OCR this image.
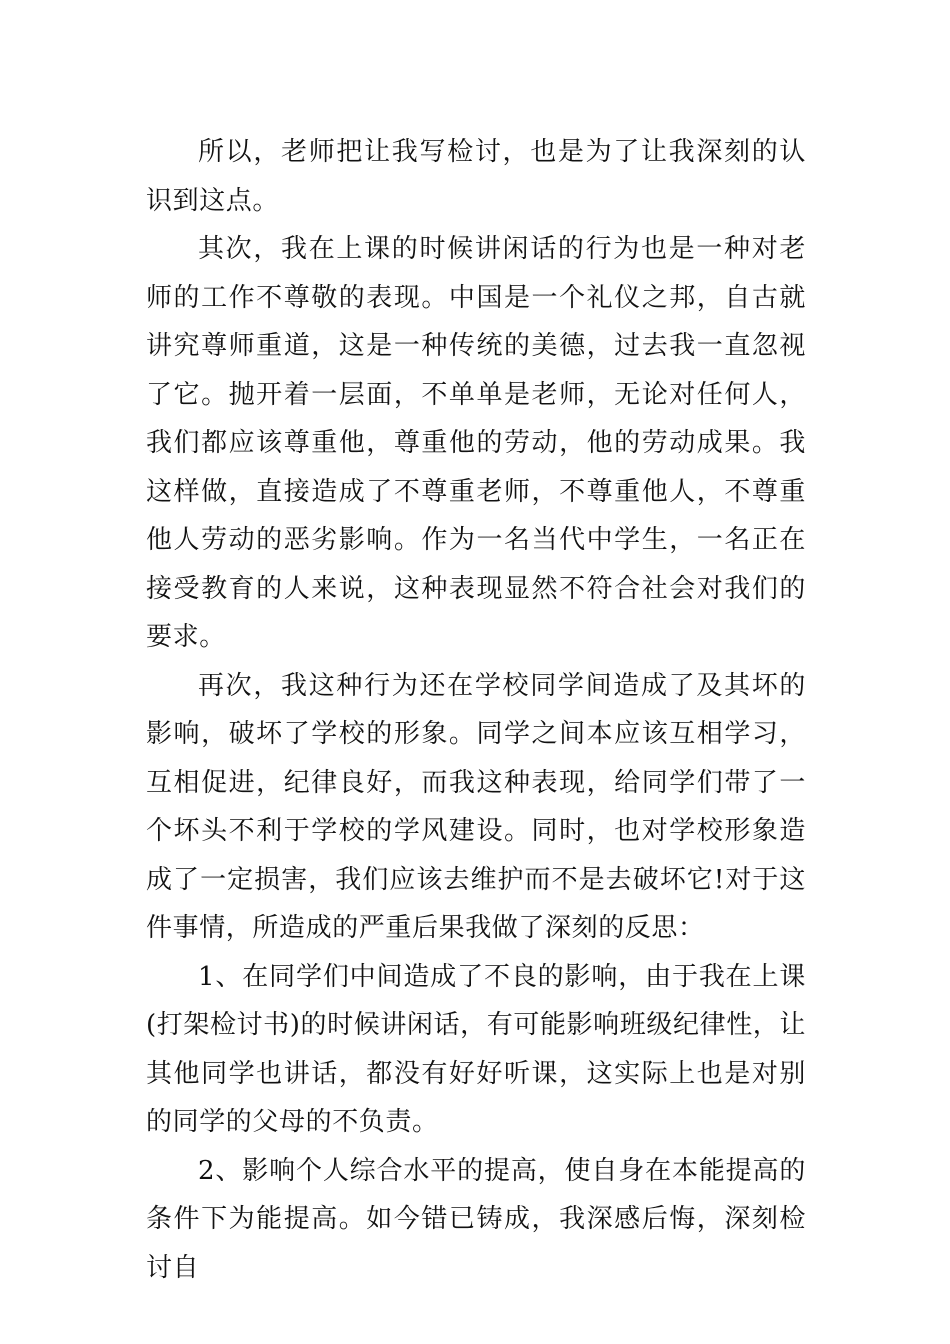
所以，老师把让我写检讨，也是为了让我深刻的认识到这点。

其次，我在上课的时候讲闲话的行为也是一种对老师的工作不尊敬的表现。中国是一个礼仪之邦，自古就讲究尊师重道，这是一种传统的美德，过去我一直忽视了它。抛开着一层面，不单单是老师，无论对任何人，我们都应该尊重他，尊重他的劳动，他的劳动成果。我这样做，直接造成了不尊重老师，不尊重他人，不尊重他人劳动的恶劣影响。作为一名当代中学生，一名正在接受教育的人来说，这种表现显然不符合社会对我们的要求。

再次，我这种行为还在学校同学间造成了及其坏的影响，破坏了学校的形象。同学之间本应该互相学习，互相促进，纪律良好，而我这种表现，给同学们带了一个坏头不利于学校的学风建设。同时，也对学校形象造成了一定损害，我们应该去维护而不是去破坏它!对于这件事情，所造成的严重后果我做了深刻的反思：

1、在同学们中间造成了不良的影响，由于我在上课(打架检讨书)的时候讲闲话，有可能影响班级纪律性，让其他同学也讲话，都没有好好听课，这实际上也是对别的同学的父母的不负责。

2、影响个人综合水平的提高，使自身在本能提高的条件下为能提高。如今错已铸成，我深感后悔，深刻检讨自
